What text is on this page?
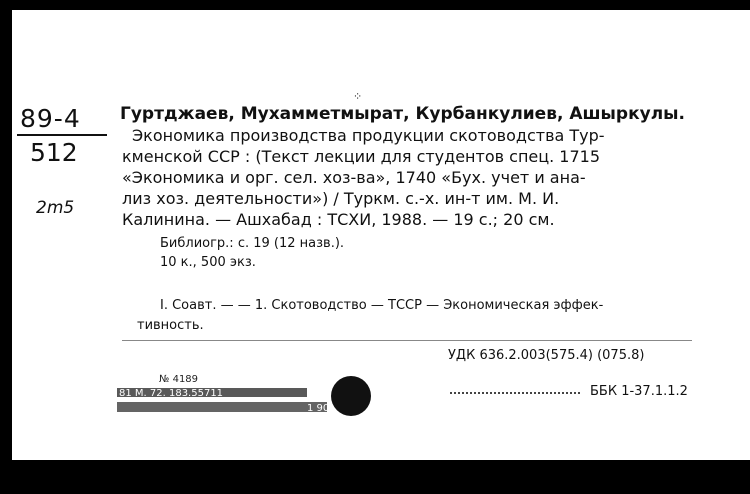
89-4
512
2m5
⁘
Гуртджаев, Мухамметмырат, Курбанкулиев, Ашыркулы.
Экономика производства продукции скотоводства Тур-
кменской ССР : (Текст лекции для студентов спец. 1715
«Экономика и орг. сел. хоз-ва», 1740 «Бух. учет и ана-
лиз хоз. деятельности») / Туркм. с.-х. ин-т им. М. И.
Калинина. — Ашхабад : ТСХИ, 1988. — 19 с.; 20 см.
Библиогр.: с. 19 (12 назв.).
10 к., 500 экз.
I. Соавт. — — 1. Скотоводство — ТССР — Экономическая эффек-
тивность.
УДК 636.2.003(575.4) (075.8)
№ 4189
81 М. 72. 183.55711
1 90
ББК 1-37.1.1.2
